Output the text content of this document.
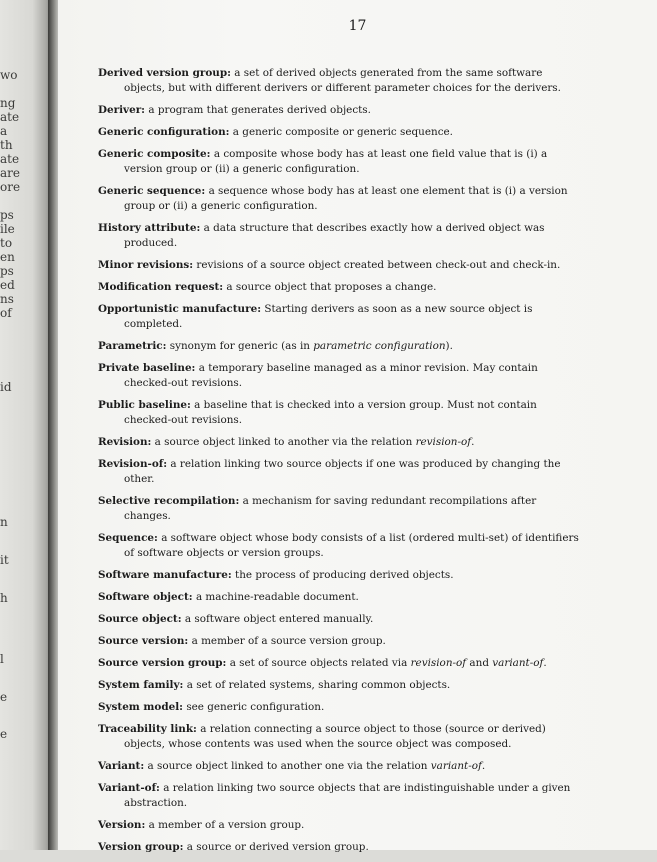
wo
ng
ate
a
th
ate
are
ore
ps
ile
to
en
ps
ed
ns
of
id
n
it
h
l
e
e
17
Derived version group: a set of derived objects generated from the same software objects, but with different derivers or different parameter choices for the derivers.
Deriver: a program that generates derived objects.
Generic configuration: a generic composite or generic sequence.
Generic composite: a composite whose body has at least one field value that is (i) a version group or (ii) a generic configuration.
Generic sequence: a sequence whose body has at least one element that is (i) a version group or (ii) a generic configuration.
History attribute: a data structure that describes exactly how a derived object was produced.
Minor revisions: revisions of a source object created between check-out and check-in.
Modification request: a source object that proposes a change.
Opportunistic manufacture: Starting derivers as soon as a new source object is completed.
Parametric: synonym for generic (as in parametric configuration).
Private baseline: a temporary baseline managed as a minor revision. May contain checked-out revisions.
Public baseline: a baseline that is checked into a version group. Must not contain checked-out revisions.
Revision: a source object linked to another via the relation revision-of.
Revision-of: a relation linking two source objects if one was produced by changing the other.
Selective recompilation: a mechanism for saving redundant recompilations after changes.
Sequence: a software object whose body consists of a list (ordered multi-set) of identifiers of software objects or version groups.
Software manufacture: the process of producing derived objects.
Software object: a machine-readable document.
Source object: a software object entered manually.
Source version: a member of a source version group.
Source version group: a set of source objects related via revision-of and variant-of.
System family: a set of related systems, sharing common objects.
System model: see generic configuration.
Traceability link: a relation connecting a source object to those (source or derived) objects, whose contents was used when the source object was composed.
Variant: a source object linked to another one via the relation variant-of.
Variant-of: a relation linking two source objects that are indistinguishable under a given abstraction.
Version: a member of a version group.
Version group: a source or derived version group.
